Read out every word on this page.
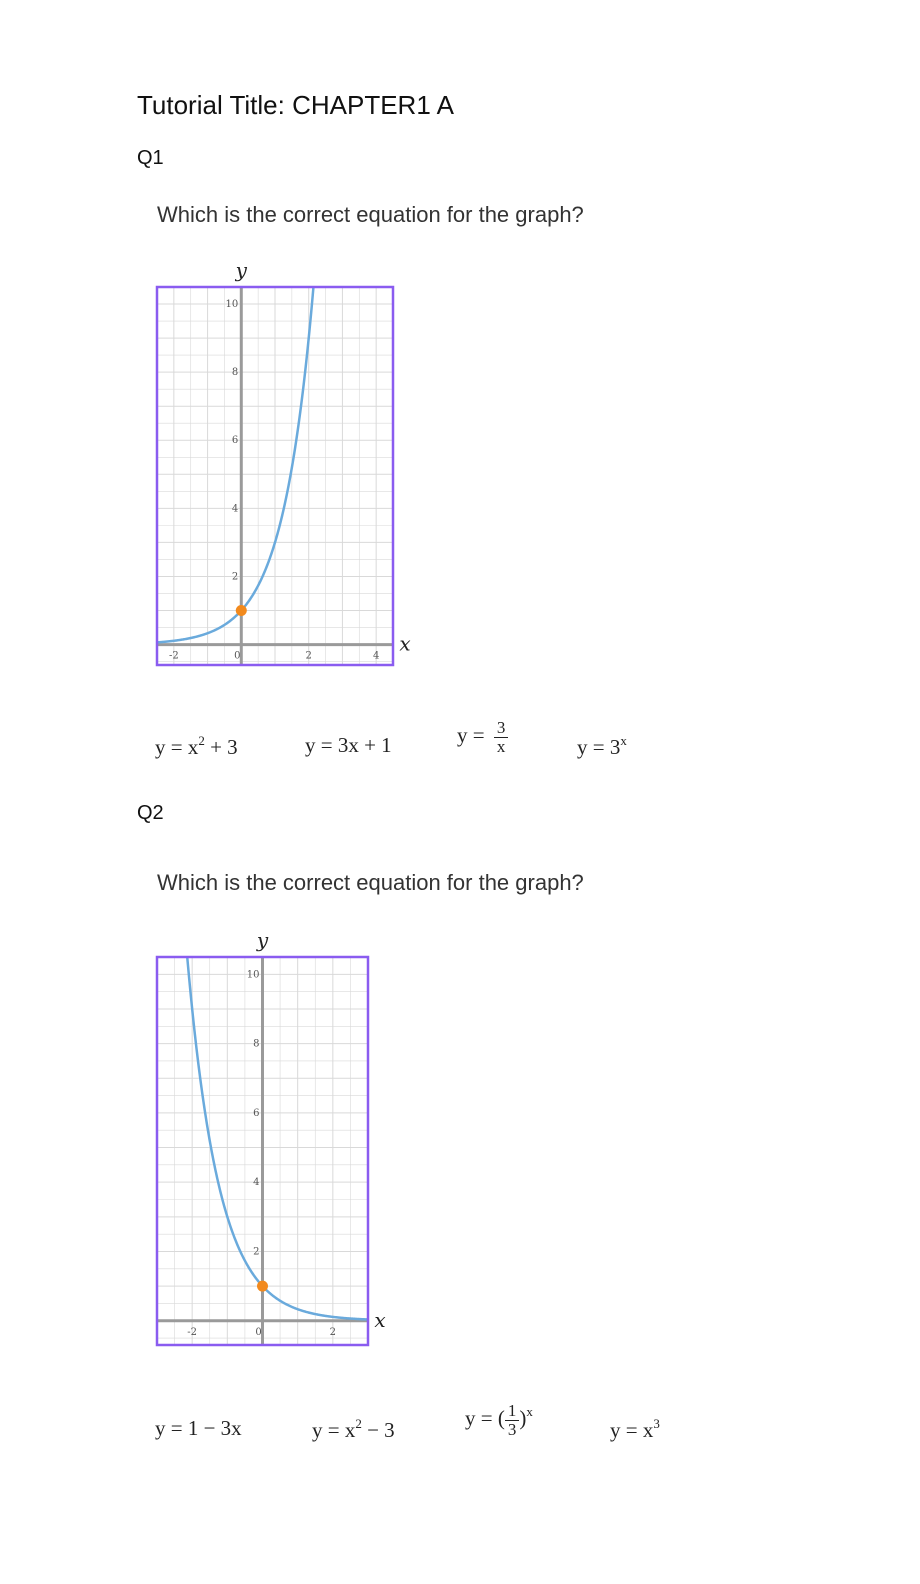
Tutorial Title: CHAPTER1 A
Q1
Which is the correct equation for the graph?
-2	0	2	4
10
8
6
4
2
y
x
$y = x^2 + 3$	y = 3x + 1	$y = \frac{3}{x}$	$y = 3^x$
Q2
Which is the correct equation for the graph?
-2	0	2
10
8
6
4
2
y
x
y = 1 − 3x	$y = x^2 - 3$	y = ( $\frac{1}{3} )^x$
$y = x^3$
